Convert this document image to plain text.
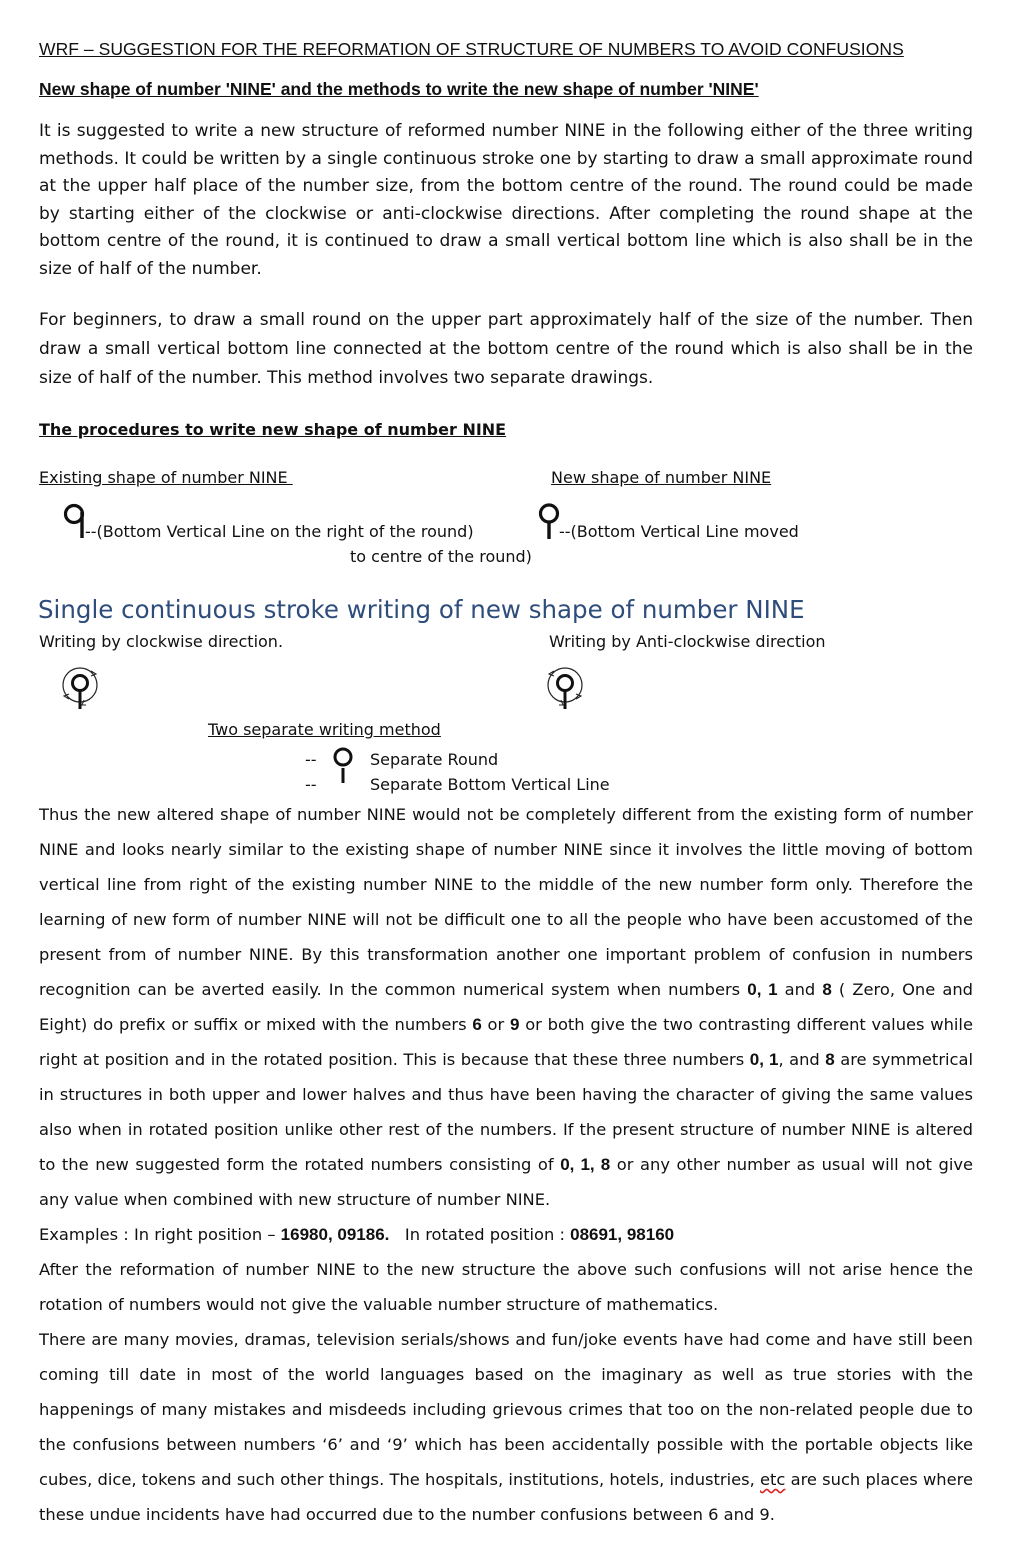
WRF – SUGGESTION FOR THE REFORMATION OF STRUCTURE OF NUMBERS TO AVOID CONFUSIONS
New shape of number 'NINE' and the methods to write the new shape of number 'NINE'
It is suggested to write a new structure of reformed number NINE in the following either of the three writing methods. It could be written by a single continuous stroke one by starting to draw a small approximate round at the upper half place of the number size, from the bottom centre of the round. The round could be made by starting either of the clockwise or anti-clockwise directions. After completing the round shape at the bottom centre of the round, it is continued to draw a small vertical bottom line which is also shall be in the size of half of the number.
For beginners, to draw a small round on the upper part approximately half of the size of the number. Then draw a small vertical bottom line connected at the bottom centre of the round which is also shall be in the size of half of the number. This method involves two separate drawings.
The procedures to write new shape of number NINE
Existing shape of number NINE	New shape of number NINE
--(Bottom Vertical Line on the right of the round)	--(Bottom Vertical Line moved
to centre of the round)
Single continuous stroke writing of new shape of number NINE
Writing by clockwise direction.	Writing by Anti-clockwise direction
Two separate writing method
--
--
Separate Round
Separate Bottom Vertical Line

Thus the new altered shape of number NINE would not be completely different from the existing form of number NINE and looks nearly similar to the existing shape of number NINE since it involves the little moving of bottom vertical line from right of the existing number NINE to the middle of the new number form only. Therefore the learning of new form of number NINE will not be difficult one to all the people who have been accustomed of the present from of number NINE. By this transformation another one important problem of confusion in numbers recognition can be averted easily. In the common numerical system when numbers 0, 1 and 8 ( Zero, One and Eight) do prefix or suffix or mixed with the numbers 6 or 9 or both give the two contrasting different values while right at position and in the rotated position. This is because that these three numbers 0, 1, and 8 are symmetrical in structures in both upper and lower halves and thus have been having the character of giving the same values also when in rotated position unlike other rest of the numbers. If the present structure of number NINE is altered to the new suggested form the rotated numbers consisting of 0, 1, 8 or any other number as usual will not give any value when combined with new structure of number NINE.

Examples : In right position – 16980, 09186.   In rotated position : 08691, 98160

After the reformation of number NINE to the new structure the above such confusions will not arise hence the rotation of numbers would not give the valuable number structure of mathematics.

There are many movies, dramas, television serials/shows and fun/joke events have had come and have still been coming till date in most of the world languages based on the imaginary as well as true stories with the happenings of many mistakes and misdeeds including grievous crimes that too on the non-related people due to the confusions between numbers ‘6’ and ‘9’ which has been accidentally possible with the portable objects like cubes, dice, tokens and such other things. The hospitals, institutions, hotels, industries, etc are such places where these undue incidents have had occurred due to the number confusions between 6 and 9.
